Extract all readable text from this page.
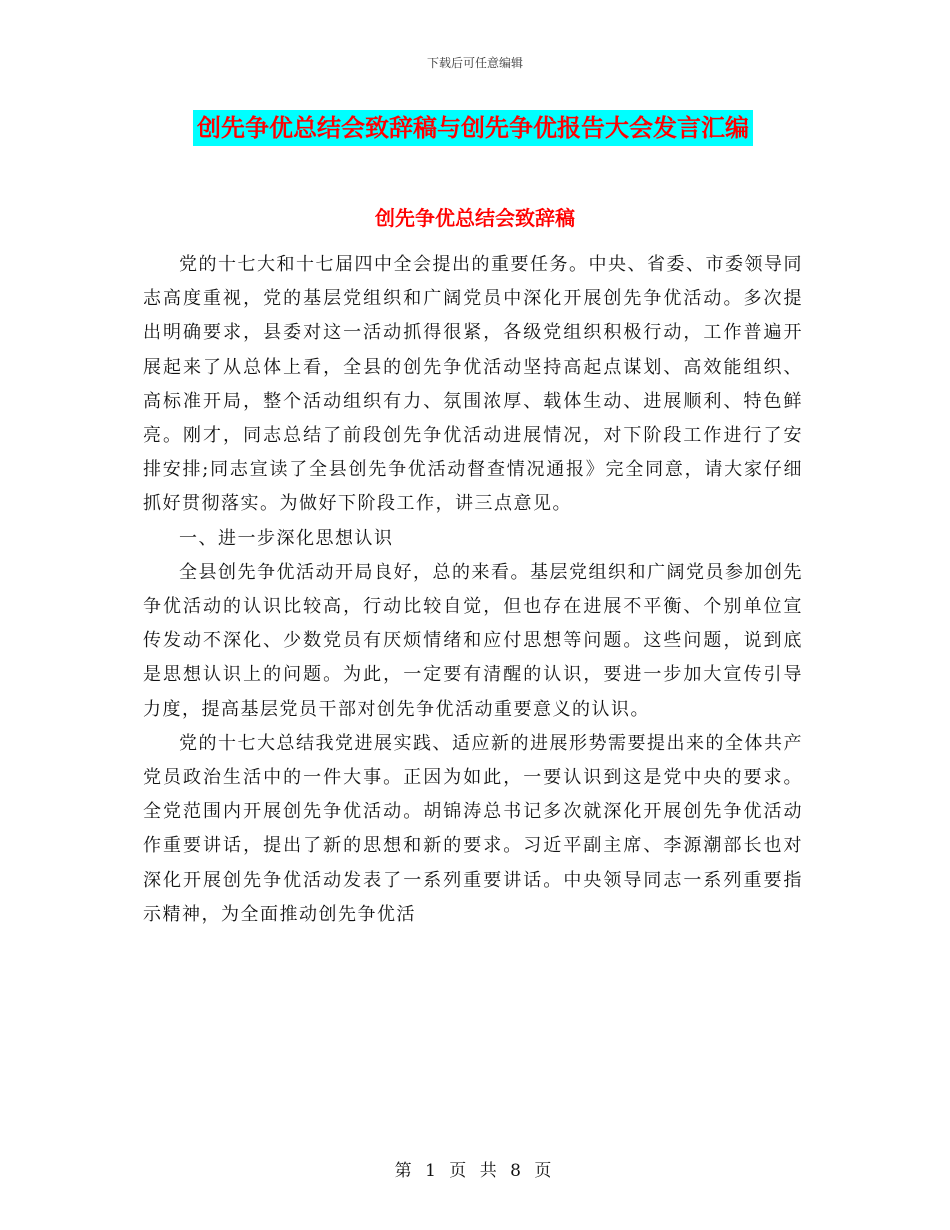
下载后可任意编辑
创先争优总结会致辞稿与创先争优报告大会发言汇编
创先争优总结会致辞稿

党的十七大和十七届四中全会提出的重要任务。中央、省委、市委领导同志高度重视，党的基层党组织和广阔党员中深化开展创先争优活动。多次提出明确要求，县委对这一活动抓得很紧，各级党组织积极行动，工作普遍开展起来了从总体上看，全县的创先争优活动坚持高起点谋划、高效能组织、高标准开局，整个活动组织有力、氛围浓厚、载体生动、进展顺利、特色鲜亮。刚才，同志总结了前段创先争优活动进展情况，对下阶段工作进行了安排安排;同志宣读了全县创先争优活动督查情况通报》完全同意，请大家仔细抓好贯彻落实。为做好下阶段工作，讲三点意见。

一、进一步深化思想认识

全县创先争优活动开局良好，总的来看。基层党组织和广阔党员参加创先争优活动的认识比较高，行动比较自觉，但也存在进展不平衡、个别单位宣传发动不深化、少数党员有厌烦情绪和应付思想等问题。这些问题，说到底是思想认识上的问题。为此，一定要有清醒的认识，要进一步加大宣传引导力度，提高基层党员干部对创先争优活动重要意义的认识。

党的十七大总结我党进展实践、适应新的进展形势需要提出来的全体共产党员政治生活中的一件大事。正因为如此，一要认识到这是党中央的要求。全党范围内开展创先争优活动。胡锦涛总书记多次就深化开展创先争优活动作重要讲话，提出了新的思想和新的要求。习近平副主席、李源潮部长也对深化开展创先争优活动发表了一系列重要讲话。中央领导同志一系列重要指示精神，为全面推动创先争优活

第 1 页 共 8 页
